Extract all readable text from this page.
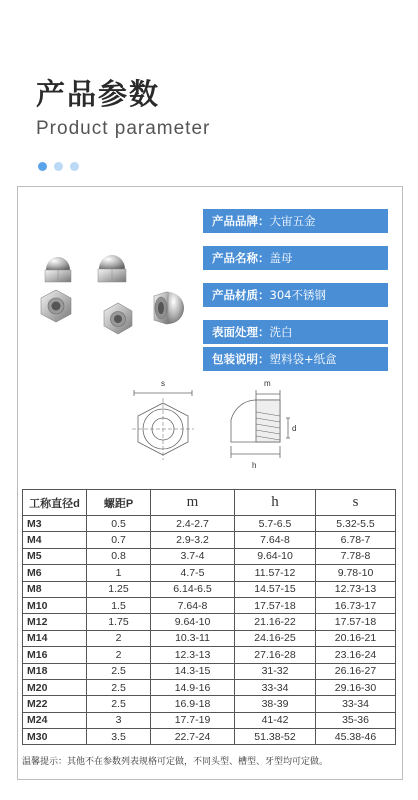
产品参数
Product parameter
产品品牌：大宙五金
产品名称：盖母
产品材质：304不锈钢
表面处理：洗白
包装说明：塑料袋+纸盒
s	m
d
h
工称直径d	螺距P	m	h	s
M3	0.5	2.4-2.7	5.7-6.5	5.32-5.5
M4	0.7	2.9-3.2	7.64-8	6.78-7
M5	0.8	3.7-4	9.64-10	7.78-8
M6	1	4.7-5	11.57-12	9.78-10
M8	1.25	6.14-6.5	14.57-15	12.73-13
M10	1.5	7.64-8	17.57-18	16.73-17
M12	1.75	9.64-10	21.16-22	17.57-18
M14	2	10.3-11	24.16-25	20.16-21
M16	2	12.3-13	27.16-28	23.16-24
M18	2.5	14.3-15	31-32	26.16-27
M20	2.5	14.9-16	33-34	29.16-30
M22	2.5	16.9-18	38-39	33-34
M24	3	17.7-19	41-42	35-36
M30	3.5	22.7-24	51.38-52	45.38-46
温馨提示：其他不在参数列表规格可定做，不同头型、槽型、牙型均可定做。
